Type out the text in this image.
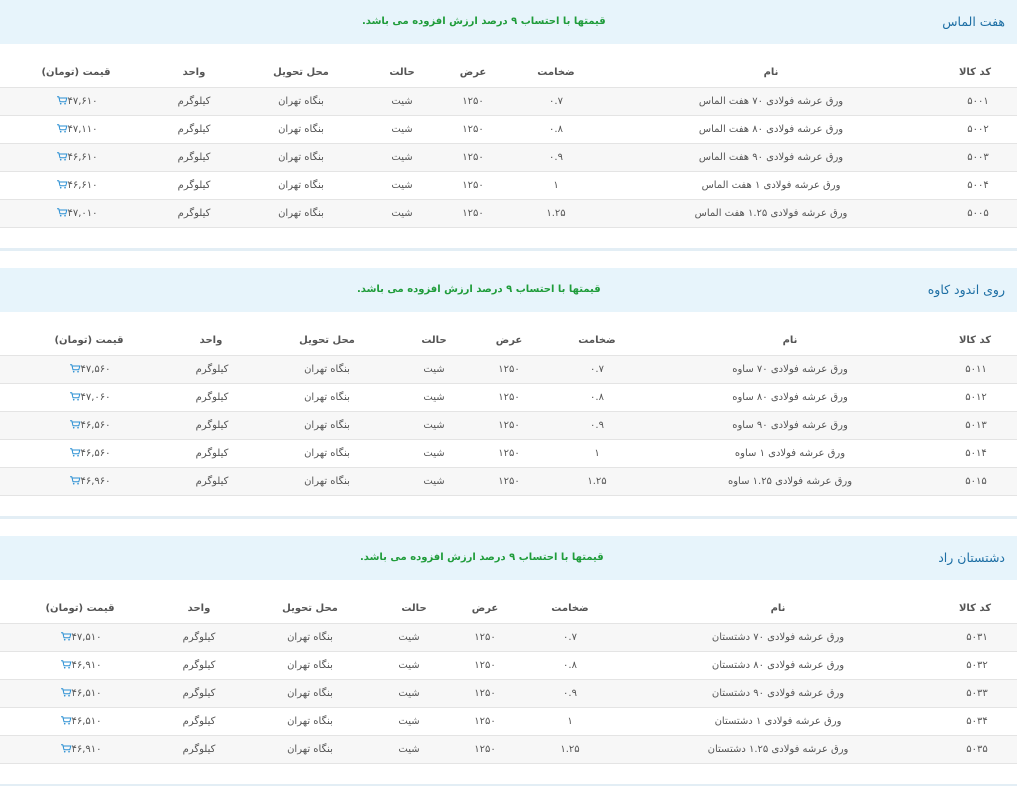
هفت الماس
قیمتها با احتساب ۹ درصد ارزش افزوده می باشد.
کد کالا
نام
ضخامت
عرض
حالت
محل تحویل
واحد
قیمت (تومان)
۵۰۰۱
ورق عرشه فولادی ۷۰ هفت الماس
۰.۷
۱۲۵۰
شیت
بنگاه تهران
کیلوگرم
۴۷,۶۱۰
۵۰۰۲
ورق عرشه فولادی ۸۰ هفت الماس
۰.۸
۱۲۵۰
شیت
بنگاه تهران
کیلوگرم
۴۷,۱۱۰
۵۰۰۳
ورق عرشه فولادی ۹۰ هفت الماس
۰.۹
۱۲۵۰
شیت
بنگاه تهران
کیلوگرم
۴۶,۶۱۰
۵۰۰۴
ورق عرشه فولادی ۱ هفت الماس
۱
۱۲۵۰
شیت
بنگاه تهران
کیلوگرم
۴۶,۶۱۰
۵۰۰۵
ورق عرشه فولادی ۱.۲۵ هفت الماس
۱.۲۵
۱۲۵۰
شیت
بنگاه تهران
کیلوگرم
۴۷,۰۱۰
روی اندود کاوه
قیمتها با احتساب ۹ درصد ارزش افزوده می باشد.
کد کالا
نام
ضخامت
عرض
حالت
محل تحویل
واحد
قیمت (تومان)
۵۰۱۱
ورق عرشه فولادی ۷۰ ساوه
۰.۷
۱۲۵۰
شیت
بنگاه تهران
کیلوگرم
۴۷,۵۶۰
۵۰۱۲
ورق عرشه فولادی ۸۰ ساوه
۰.۸
۱۲۵۰
شیت
بنگاه تهران
کیلوگرم
۴۷,۰۶۰
۵۰۱۳
ورق عرشه فولادی ۹۰ ساوه
۰.۹
۱۲۵۰
شیت
بنگاه تهران
کیلوگرم
۴۶,۵۶۰
۵۰۱۴
ورق عرشه فولادی ۱ ساوه
۱
۱۲۵۰
شیت
بنگاه تهران
کیلوگرم
۴۶,۵۶۰
۵۰۱۵
ورق عرشه فولادی ۱.۲۵ ساوه
۱.۲۵
۱۲۵۰
شیت
بنگاه تهران
کیلوگرم
۴۶,۹۶۰
دشتستان راد
قیمتها با احتساب ۹ درصد ارزش افزوده می باشد.
کد کالا
نام
ضخامت
عرض
حالت
محل تحویل
واحد
قیمت (تومان)
۵۰۳۱
ورق عرشه فولادی ۷۰ دشتستان
۰.۷
۱۲۵۰
شیت
بنگاه تهران
کیلوگرم
۴۷,۵۱۰
۵۰۳۲
ورق عرشه فولادی ۸۰ دشتستان
۰.۸
۱۲۵۰
شیت
بنگاه تهران
کیلوگرم
۴۶,۹۱۰
۵۰۳۳
ورق عرشه فولادی ۹۰ دشتستان
۰.۹
۱۲۵۰
شیت
بنگاه تهران
کیلوگرم
۴۶,۵۱۰
۵۰۳۴
ورق عرشه فولادی ۱ دشتستان
۱
۱۲۵۰
شیت
بنگاه تهران
کیلوگرم
۴۶,۵۱۰
۵۰۳۵
ورق عرشه فولادی ۱.۲۵ دشتستان
۱.۲۵
۱۲۵۰
شیت
بنگاه تهران
کیلوگرم
۴۶,۹۱۰
